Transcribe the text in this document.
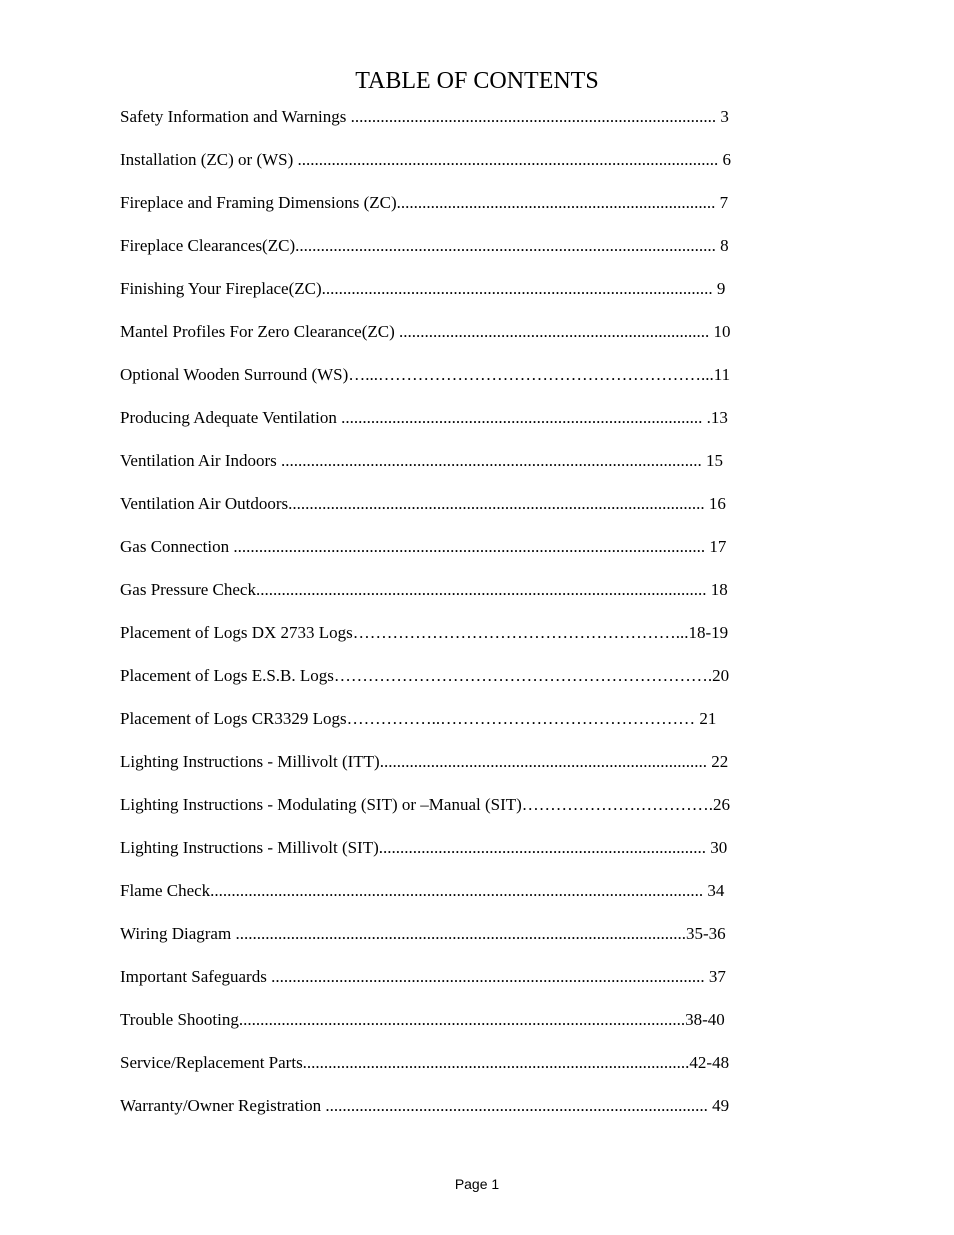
TABLE OF CONTENTS
Safety Information and Warnings ...................................................................................... 3
Installation (ZC) or (WS) ................................................................................................... 6
Fireplace and Framing Dimensions (ZC)........................................................................... 7
Fireplace Clearances(ZC)................................................................................................... 8
Finishing Your Fireplace(ZC)............................................................................................ 9
Mantel Profiles For Zero Clearance(ZC) ......................................................................... 10
Optional Wooden Surround (WS)…...…………………………………………………...11
Producing Adequate Ventilation ..................................................................................... .13
Ventilation Air Indoors ................................................................................................... 15
Ventilation Air Outdoors.................................................................................................. 16
Gas Connection ............................................................................................................... 17
Gas Pressure Check.......................................................................................................... 18
Placement of Logs DX 2733 Logs…………………………………………………...18-19
Placement of Logs E.S.B. Logs………………………………………………………….20
Placement of Logs CR3329 Logs……………..……………………………………… 21
Lighting Instructions - Millivolt (ITT)............................................................................. 22
Lighting Instructions - Modulating (SIT) or –Manual (SIT)…………………………….26
Lighting Instructions - Millivolt (SIT)............................................................................. 30
Flame Check.................................................................................................................... 34
Wiring Diagram ..........................................................................................................35-36
Important Safeguards ...................................................................................................... 37
Trouble Shooting.........................................................................................................38-40
Service/Replacement Parts...........................................................................................42-48
Warranty/Owner Registration .......................................................................................... 49
Page 1
